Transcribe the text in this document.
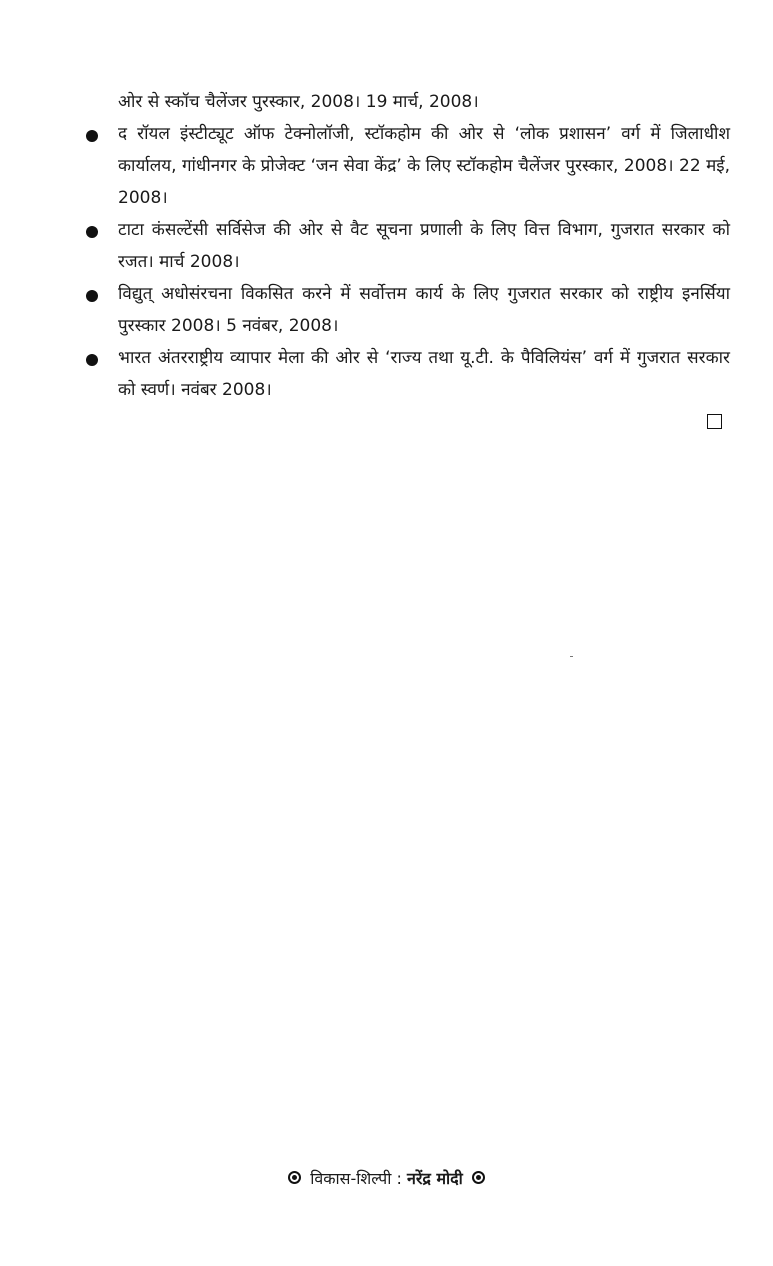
ओर से स्कॉच चैलेंजर पुरस्कार, 2008। 19 मार्च, 2008।
द रॉयल इंस्टीट्यूट ऑफ टेक्नोलॉजी, स्टॉकहोम की ओर से ‘लोक प्रशासन’ वर्ग में जिलाधीश कार्यालय, गांधीनगर के प्रोजेक्ट ‘जन सेवा केंद्र’ के लिए स्टॉकहोम चैलेंजर पुरस्कार, 2008। 22 मई, 2008।
टाटा कंसल्टेंसी सर्विसेज की ओर से वैट सूचना प्रणाली के लिए वित्त विभाग, गुजरात सरकार को रजत। मार्च 2008।
विद्युत् अधोसंरचना विकसित करने में सर्वोत्तम कार्य के लिए गुजरात सरकार को राष्ट्रीय इनर्सिया पुरस्कार 2008। 5 नवंबर, 2008।
भारत अंतरराष्ट्रीय व्यापार मेला की ओर से ‘राज्य तथा यू.टी. के पैविलियंस’ वर्ग में गुजरात सरकार को स्वर्ण। नवंबर 2008।
विकास-शिल्पी : नरेंद्र मोदी
